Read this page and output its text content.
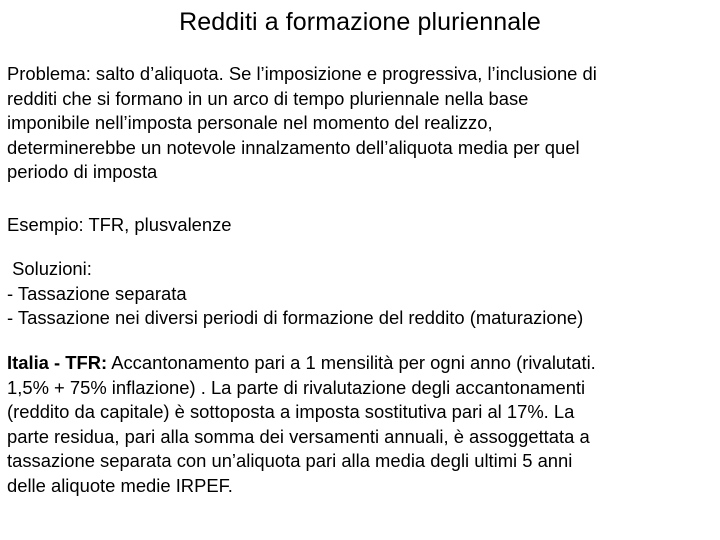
Redditi a formazione pluriennale
Problema: salto d’aliquota. Se l’imposizione e progressiva, l’inclusione di
redditi che si formano in un arco di tempo pluriennale nella base
imponibile nell’imposta personale nel momento del realizzo,
determinerebbe un notevole innalzamento dell’aliquota media per quel
periodo di imposta
Esempio: TFR, plusvalenze
Soluzioni:
- Tassazione separata
- Tassazione nei diversi periodi di formazione del reddito (maturazione)
Italia - TFR: Accantonamento pari a 1 mensilità per ogni anno (rivalutati.
1,5% + 75% inflazione) . La parte di rivalutazione degli accantonamenti
(reddito da capitale) è sottoposta a imposta sostitutiva pari al 17%. La
parte residua, pari alla somma dei versamenti annuali, è assoggettata a
tassazione separata con un’aliquota pari alla media degli ultimi 5 anni
delle aliquote medie IRPEF.
